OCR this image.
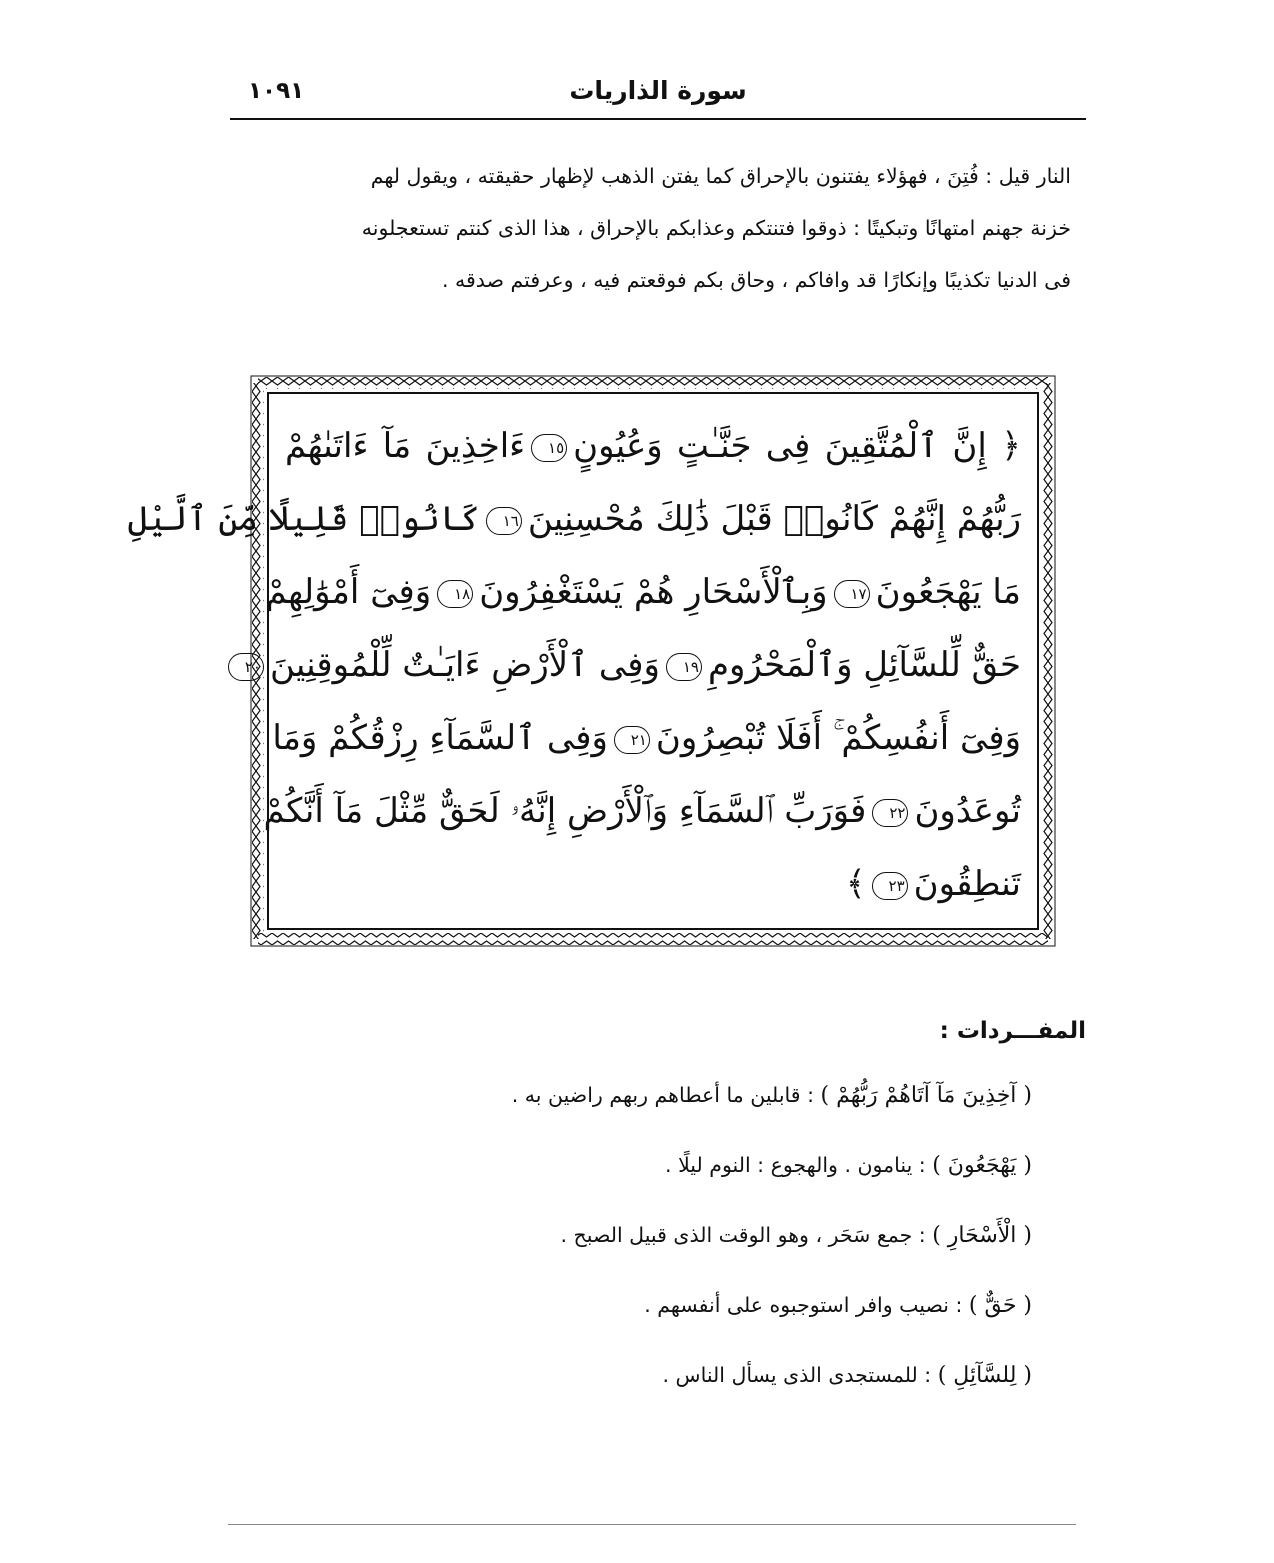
سورة الذاريات
١٠٩١

النار قيل : فُتِنَ ، فهؤلاء يفتنون بالإحراق كما يفتن الذهب لإظهار حقيقته ، ويقول لهم

خزنة جهنم امتهانًا وتبكيتًا : ذوقوا فتنتكم وعذابكم بالإحراق ، هذا الذى كنتم تستعجلونه

فى الدنيا تكذيبًا وإنكارًا قد وافاكم ، وحاق بكم فوقعتم فيه ، وعرفتم صدقه .

﴿ إِنَّ ٱلْمُتَّقِينَ فِى جَنَّـٰتٍ وَعُيُونٍ١٥ءَاخِذِينَ مَآ ءَاتَىٰهُمْ
رَبُّهُمْ إِنَّهُمْ كَانُوا۟ قَبْلَ ذَٰلِكَ مُحْسِنِينَ١٦كَانُوا۟ قَلِيلًا مِّنَ ٱلَّيْلِ
مَا يَهْجَعُونَ١٧وَبِٱلْأَسْحَارِ هُمْ يَسْتَغْفِرُونَ١٨وَفِىٓ أَمْوَٰلِهِمْ
حَقٌّ لِّلسَّآئِلِ وَٱلْمَحْرُومِ١٩وَفِى ٱلْأَرْضِ ءَايَـٰتٌ لِّلْمُوقِنِينَ٢٠
وَفِىٓ أَنفُسِكُمْ ۚ أَفَلَا تُبْصِرُونَ٢١وَفِى ٱلسَّمَآءِ رِزْقُكُمْ وَمَا
تُوعَدُونَ٢٢فَوَرَبِّ ٱلسَّمَآءِ وَٱلْأَرْضِ إِنَّهُۥ لَحَقٌّ مِّثْلَ مَآ أَنَّكُمْ
تَنطِقُونَ٢٣﴾
المفـــردات :
( آخِذِينَ مَآ آتَاهُمْ رَبُّهُمْ ) : قابلين ما أعطاهم ربهم راضين به .
( يَهْجَعُونَ ) : ينامون . والهجوع : النوم ليلًا .
( الْأَسْحَارِ ) : جمع سَحَر ، وهو الوقت الذى قبيل الصبح .
( حَقٌّ ) : نصيب وافر استوجبوه على أنفسهم .
( لِلسَّآئِلِ ) : للمستجدى الذى يسأل الناس .
